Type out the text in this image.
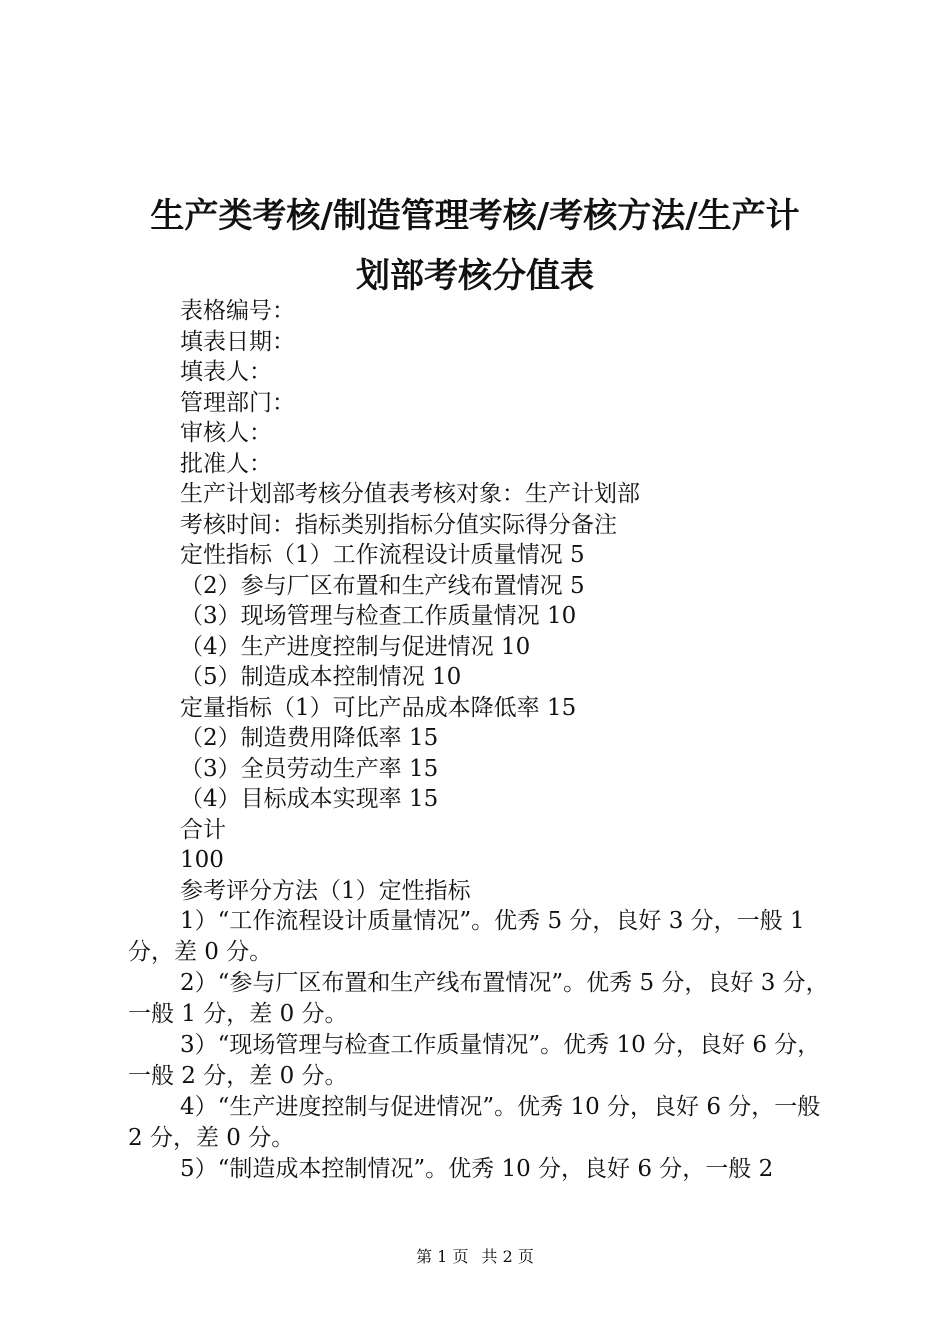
生产类考核/制造管理考核/考核方法/生产计
划部考核分值表
表格编号：
填表日期：
填表人：
管理部门：
审核人：
批准人：
生产计划部考核分值表考核对象：生产计划部
考核时间：指标类别指标分值实际得分备注
定性指标（1）工作流程设计质量情况 5
（2）参与厂区布置和生产线布置情况 5
（3）现场管理与检查工作质量情况 10
（4）生产进度控制与促进情况 10
（5）制造成本控制情况 10
定量指标（1）可比产品成本降低率 15
（2）制造费用降低率 15
（3）全员劳动生产率 15
（4）目标成本实现率 15
合计
100
参考评分方法（1）定性指标

1）“工作流程设计质量情况”。优秀 5 分，良好 3 分，一般 1 分，差 0 分。

2）“参与厂区布置和生产线布置情况”。优秀 5 分，良好 3 分，一般 1 分，差 0 分。

3）“现场管理与检查工作质量情况”。优秀 10 分，良好 6 分，一般 2 分，差 0 分。

4）“生产进度控制与促进情况”。优秀 10 分，良好 6 分，一般 2 分，差 0 分。

5）“制造成本控制情况”。优秀 10 分，良好 6 分，一般 2

第 1 页 共 2 页
